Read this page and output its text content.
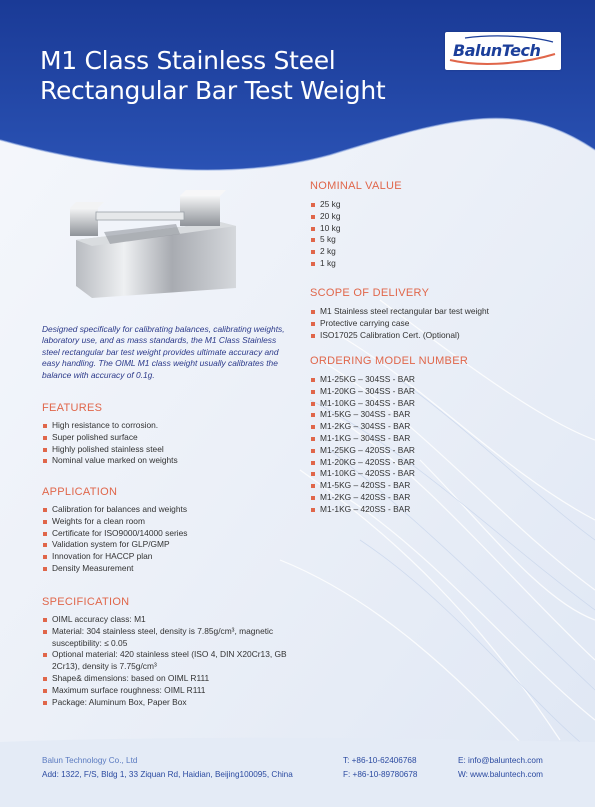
M1 Class Stainless Steel
Rectangular Bar Test Weight
BalunTech
Designed specifically for calibrating balances, calibrating weights, laboratory use, and as mass standards, the M1 Class Stainless steel rectangular bar test weight provides ultimate accuracy and easy handling. The OIML M1 class weight usually calibrates the balance with accuracy of 0.1g.
FEATURES
High resistance to corrosion.
Super polished surface
Highly polished stainless steel
Nominal value marked on weights
APPLICATION
Calibration for balances and weights
Weights for a clean room
Certificate for ISO9000/14000 series
Validation system for GLP/GMP
Innovation for HACCP plan
Density Measurement
SPECIFICATION
OIML accuracy class: M1
Material: 304 stainless steel, density is 7.85g/cm³, magnetic susceptibility: ≤ 0.05
Optional material: 420 stainless steel (ISO 4, DIN X20Cr13, GB 2Cr13), density is 7.75g/cm³
Shape& dimensions: based on OIML R111
Maximum surface roughness: OIML R111
Package: Aluminum Box, Paper Box
NOMINAL VALUE
25 kg
20 kg
10 kg
5 kg
2 kg
1 kg
SCOPE OF DELIVERY
M1 Stainless steel rectangular bar test weight
Protective carrying case
ISO17025 Calibration Cert. (Optional)
ORDERING MODEL NUMBER
M1-25KG – 304SS - BAR
M1-20KG – 304SS - BAR
M1-10KG – 304SS - BAR
M1-5KG – 304SS - BAR
M1-2KG – 304SS - BAR
M1-1KG – 304SS - BAR
M1-25KG – 420SS - BAR
M1-20KG – 420SS - BAR
M1-10KG – 420SS - BAR
M1-5KG – 420SS - BAR
M1-2KG – 420SS - BAR
M1-1KG – 420SS - BAR
Balun Technology Co., Ltd
Add: 1322, F/S, Bldg 1, 33 Ziquan Rd, Haidian, Beijing100095, China
T: +86-10-62406768
F: +86-10-89780678
E: info@baluntech.com
W: www.baluntech.com
